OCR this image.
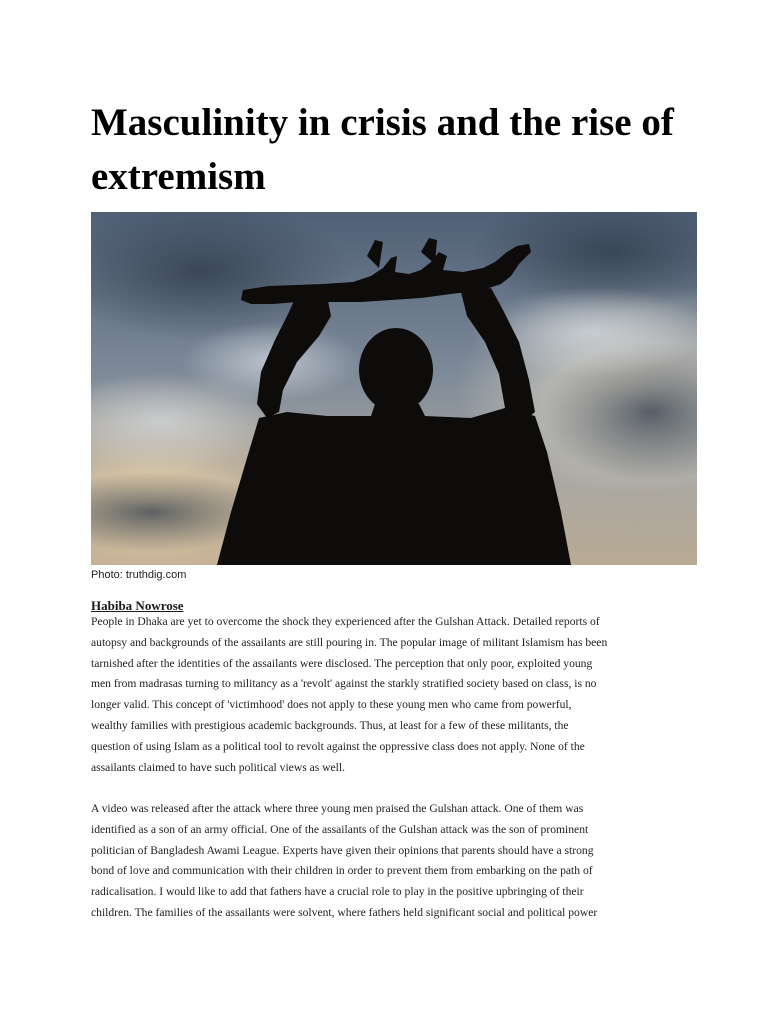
Masculinity in crisis and the rise of extremism
Photo: truthdig.com
Habiba Nowrose
People in Dhaka are yet to overcome the shock they experienced after the Gulshan Attack. Detailed reports of
autopsy and backgrounds of the assailants are still pouring in. The popular image of militant Islamism has been
tarnished after the identities of the assailants were disclosed. The perception that only poor, exploited young
men from madrasas turning to militancy as a 'revolt' against the starkly stratified society based on class, is no
longer valid. This concept of 'victimhood' does not apply to these young men who came from powerful,
wealthy families with prestigious academic backgrounds. Thus, at least for a few of these militants, the
question of using Islam as a political tool to revolt against the oppressive class does not apply. None of the
assailants claimed to have such political views as well.
A video was released after the attack where three young men praised the Gulshan attack. One of them was
identified as a son of an army official. One of the assailants of the Gulshan attack was the son of prominent
politician of Bangladesh Awami League. Experts have given their opinions that parents should have a strong
bond of love and communication with their children in order to prevent them from embarking on the path of
radicalisation. I would like to add that fathers have a crucial role to play in the positive upbringing of their
children. The families of the assailants were solvent, where fathers held significant social and political power
